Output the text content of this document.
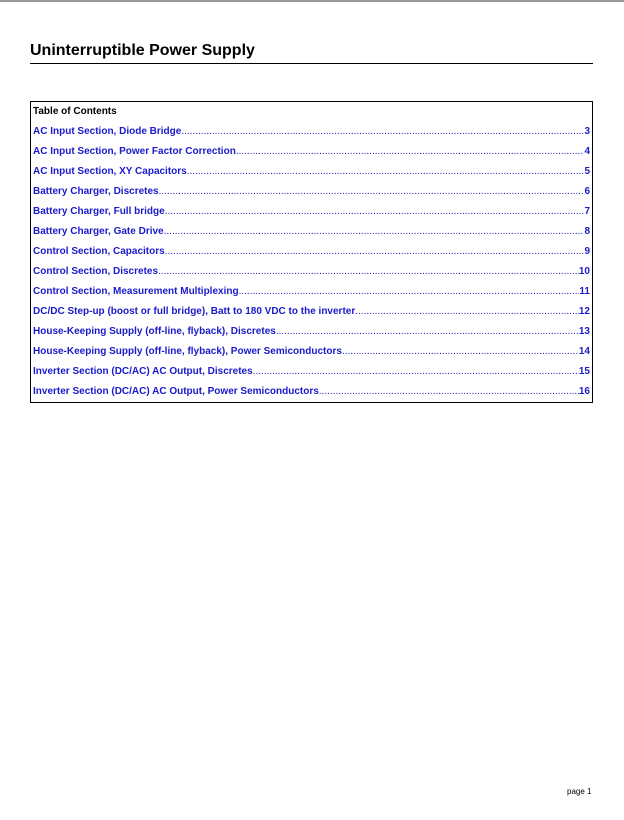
Uninterruptible Power Supply
Table of Contents
AC Input Section, Diode Bridge .....	3
AC Input Section, Power Factor Correction .....	4
AC Input Section, XY Capacitors .....	5
Battery Charger, Discretes .....	6
Battery Charger, Full bridge .....	7
Battery Charger, Gate Drive .....	8
Control Section, Capacitors .....	9
Control Section, Discretes .....	10
Control Section, Measurement Multiplexing .....	11
DC/DC Step-up (boost or full bridge), Batt to 180 VDC to the inverter .....	12
House-Keeping Supply (off-line, flyback), Discretes .....	13
House-Keeping Supply (off-line, flyback), Power Semiconductors .....	14
Inverter Section (DC/AC) AC Output, Discretes .....	15
Inverter Section (DC/AC) AC Output, Power Semiconductors .....	16
page 1
